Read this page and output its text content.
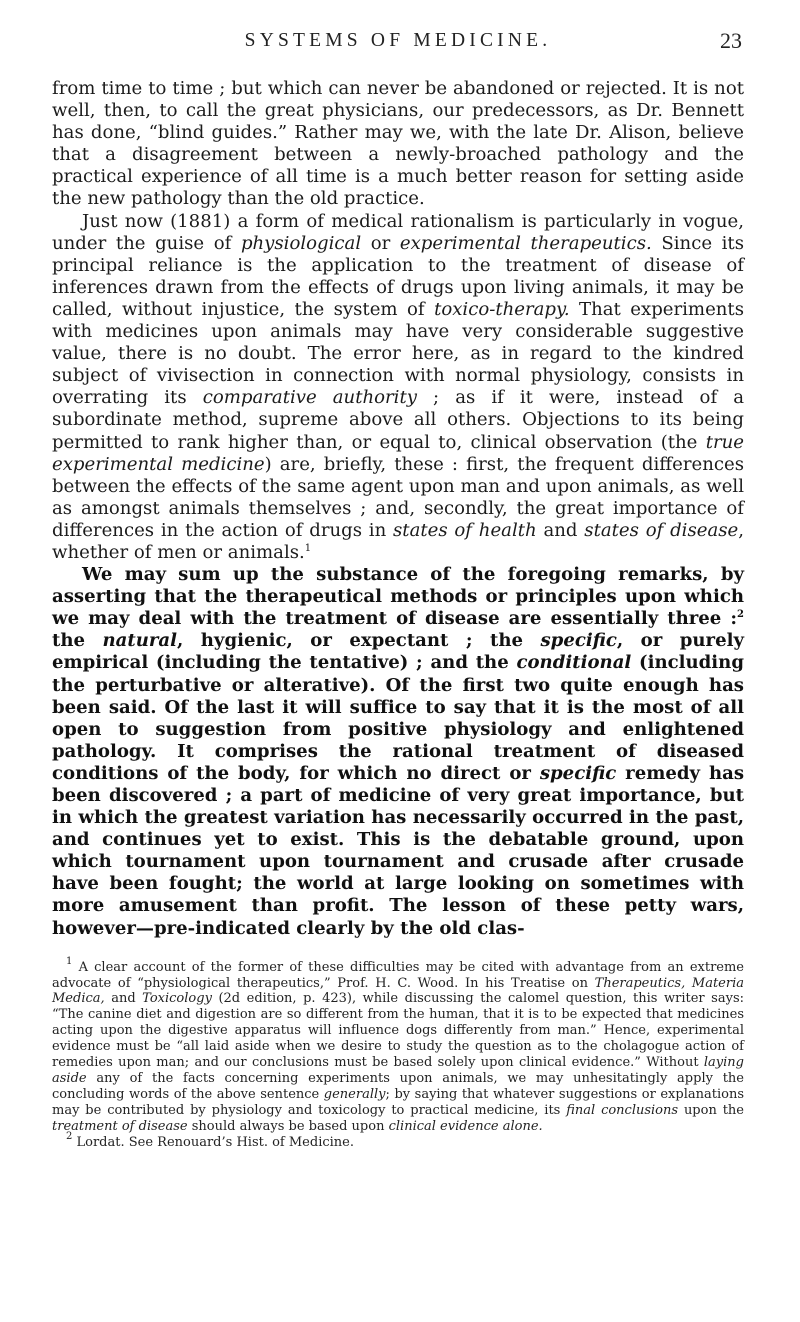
SYSTEMS OF MEDICINE.	23

from time to time ; but which can never be abandoned or rejected. It is not well, then, to call the great physicians, our predecessors, as Dr. Bennett has done, “blind guides.” Rather may we, with the late Dr. Alison, believe that a disagreement between a newly-broached pathology and the practical experience of all time is a much better reason for setting aside the new pathology than the old practice.

Just now (1881) a form of medical rationalism is particularly in vogue, under the guise of physiological or experimental therapeutics. Since its principal reliance is the application to the treatment of disease of inferences drawn from the effects of drugs upon living animals, it may be called, without injustice, the system of toxico-therapy. That experiments with medicines upon animals may have very considerable suggestive value, there is no doubt. The error here, as in regard to the kindred subject of vivisection in connection with normal physiology, consists in overrating its comparative authority ; as if it were, instead of a subordinate method, supreme above all others. Objections to its being permitted to rank higher than, or equal to, clinical observation (the true experimental medicine) are, briefly, these : first, the frequent differences between the effects of the same agent upon man and upon animals, as well as amongst animals themselves ; and, secondly, the great importance of differences in the action of drugs in states of health and states of disease, whether of men or animals.$^1$

We may sum up the substance of the foregoing remarks, by asserting that the therapeutical methods or principles upon which we may deal with the treatment of disease are essentially three :$^2$ the natural, hygienic, or expectant ; the specific, or purely empirical (including the tentative) ; and the conditional (including the perturbative or alterative). Of the first two quite enough has been said. Of the last it will suffice to say that it is the most of all open to suggestion from positive physiology and enlightened pathology. It comprises the rational treatment of diseased conditions of the body, for which no direct or specific remedy has been discovered ; a part of medicine of very great importance, but in which the greatest variation has necessarily occurred in the past, and continues yet to exist. This is the debatable ground, upon which tournament upon tournament and crusade after crusade have been fought; the world at large looking on sometimes with more amusement than profit. The lesson of these petty wars, however—pre-indicated clearly by the old clas-

$^1$ A clear account of the former of these difficulties may be cited with advantage from an extreme advocate of “physiological therapeutics,” Prof. H. C. Wood. In his Treatise on Therapeutics, Materia Medica, and Toxicology (2d edition, p. 423), while discussing the calomel question, this writer says: “The canine diet and digestion are so different from the human, that it is to be expected that medicines acting upon the digestive apparatus will influence dogs differently from man.” Hence, experimental evidence must be “all laid aside when we desire to study the question as to the cholagogue action of remedies upon man; and our conclusions must be based solely upon clinical evidence.” Without laying aside any of the facts concerning experiments upon animals, we may unhesitatingly apply the concluding words of the above sentence generally; by saying that whatever suggestions or explanations may be contributed by physiology and toxicology to practical medicine, its final conclusions upon the treatment of disease should always be based upon clinical evidence alone.

$^2$ Lordat. See Renouard’s Hist. of Medicine.
